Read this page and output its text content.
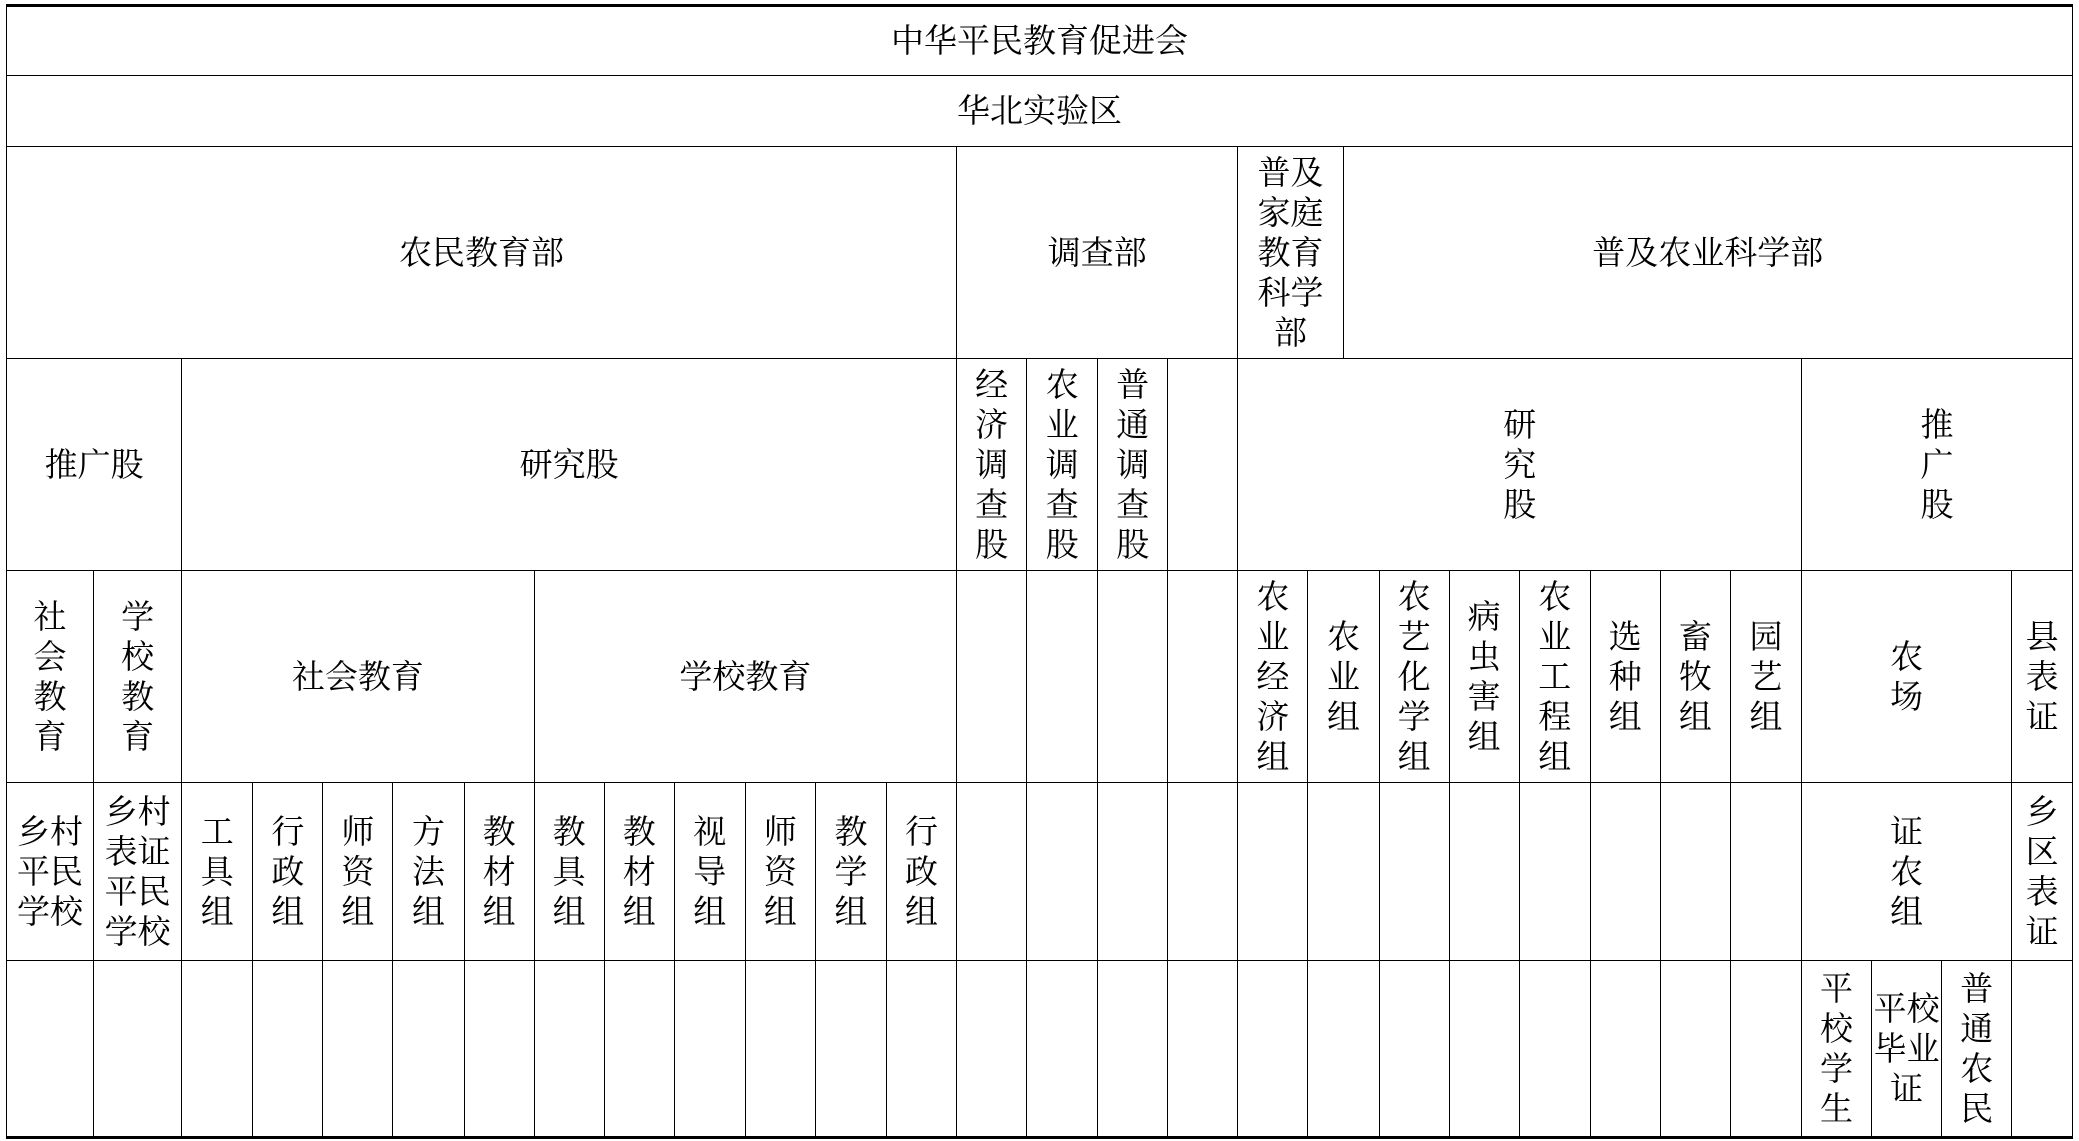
中华平民教育促进会																													
华北实验区																													
农民教育部													调查部				普及家庭教育科学部		普及农业科学部										
推广股		研究股											经济调查股	农业调查股	普通调查股		研究股									推广股			
社会教育	学校教育	社会教育					学校教育										农业经济组	农业组		农艺化学组	病虫害组	农业工程组	选种组	畜牧组	园艺组	农场			县表证
乡村平民学校	乡村表证平民学校	工具组	行政组	师资组	方法组	教材组	教具组	教材组	视导组	师资组	教学组	行政组														证农组			乡区表证
																										平校学生	平校毕业证	普通农民	
